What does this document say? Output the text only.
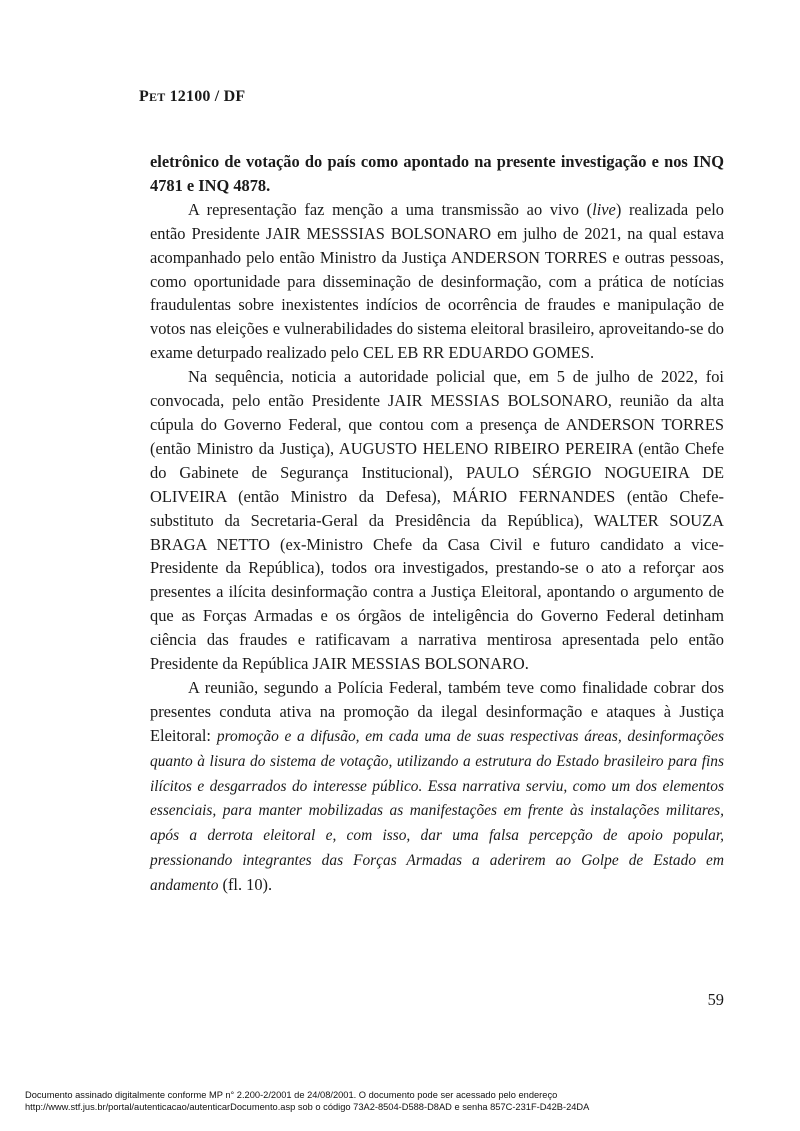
PET 12100 / DF

eletrônico de votação do país como apontado na presente investigação e nos INQ 4781 e INQ 4878.

A representação faz menção a uma transmissão ao vivo (live) realizada pelo então Presidente JAIR MESSSIAS BOLSONARO em julho de 2021, na qual estava acompanhado pelo então Ministro da Justiça ANDERSON TORRES e outras pessoas, como oportunidade para disseminação de desinformação, com a prática de notícias fraudulentas sobre inexistentes indícios de ocorrência de fraudes e manipulação de votos nas eleições e vulnerabilidades do sistema eleitoral brasileiro, aproveitando-se do exame deturpado realizado pelo CEL EB RR EDUARDO GOMES.

Na sequência, noticia a autoridade policial que, em 5 de julho de 2022, foi convocada, pelo então Presidente JAIR MESSIAS BOLSONARO, reunião da alta cúpula do Governo Federal, que contou com a presença de ANDERSON TORRES (então Ministro da Justiça), AUGUSTO HELENO RIBEIRO PEREIRA (então Chefe do Gabinete de Segurança Institucional), PAULO SÉRGIO NOGUEIRA DE OLIVEIRA (então Ministro da Defesa), MÁRIO FERNANDES (então Chefe-substituto da Secretaria-Geral da Presidência da República), WALTER SOUZA BRAGA NETTO (ex-Ministro Chefe da Casa Civil e futuro candidato a vice-Presidente da República), todos ora investigados, prestando-se o ato a reforçar aos presentes a ilícita desinformação contra a Justiça Eleitoral, apontando o argumento de que as Forças Armadas e os órgãos de inteligência do Governo Federal detinham ciência das fraudes e ratificavam a narrativa mentirosa apresentada pelo então Presidente da República JAIR MESSIAS BOLSONARO.

A reunião, segundo a Polícia Federal, também teve como finalidade cobrar dos presentes conduta ativa na promoção da ilegal desinformação e ataques à Justiça Eleitoral: promoção e a difusão, em cada uma de suas respectivas áreas, desinformações quanto à lisura do sistema de votação, utilizando a estrutura do Estado brasileiro para fins ilícitos e desgarrados do interesse público. Essa narrativa serviu, como um dos elementos essenciais, para manter mobilizadas as manifestações em frente às instalações militares, após a derrota eleitoral e, com isso, dar uma falsa percepção de apoio popular, pressionando integrantes das Forças Armadas a aderirem ao Golpe de Estado em andamento (fl. 10).

59
Documento assinado digitalmente conforme MP n° 2.200-2/2001 de 24/08/2001. O documento pode ser acessado pelo endereço
http://www.stf.jus.br/portal/autenticacao/autenticarDocumento.asp sob o código 73A2-8504-D588-D8AD e senha 857C-231F-D42B-24DA
